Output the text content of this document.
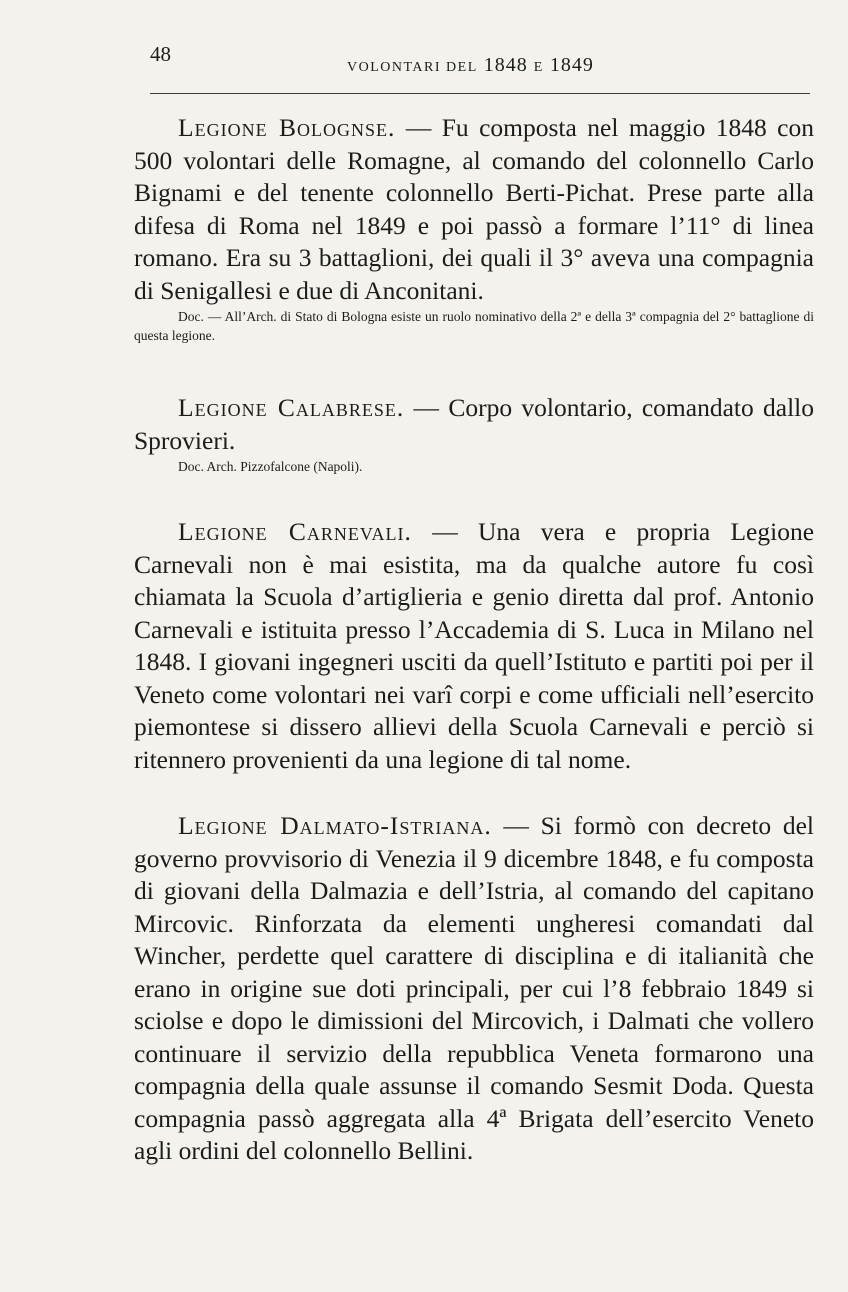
48
VOLONTARI DEL 1848 E 1849

Legione Bolognse. — Fu composta nel maggio 1848 con 500 volontari delle Romagne, al comando del colonnello Carlo Bignami e del tenente colonnello Berti-Pichat. Prese parte alla difesa di Roma nel 1849 e poi passò a formare l’11° di linea romano. Era su 3 battaglioni, dei quali il 3° aveva una compagnia di Senigallesi e due di Anconitani.

Doc. — All’Arch. di Stato di Bologna esiste un ruolo nominativo della 2ª e della 3ª compagnia del 2° battaglione di questa legione.

Legione Calabrese. — Corpo volontario, comandato dallo Sprovieri.

Doc. Arch. Pizzofalcone (Napoli).

Legione Carnevali. — Una vera e propria Legione Carnevali non è mai esistita, ma da qualche autore fu così chiamata la Scuola d’artiglieria e genio diretta dal prof. Antonio Carnevali e istituita presso l’Accademia di S. Luca in Milano nel 1848. I giovani ingegneri usciti da quell’Istituto e partiti poi per il Veneto come volontari nei varî corpi e come ufficiali nell’esercito piemontese si dissero allievi della Scuola Carnevali e perciò si ritennero provenienti da una legione di tal nome.

Legione Dalmato-Istriana. — Si formò con decreto del governo provvisorio di Venezia il 9 dicembre 1848, e fu composta di giovani della Dalmazia e dell’Istria, al comando del capitano Mircovic. Rinforzata da elementi ungheresi comandati dal Wincher, perdette quel carattere di disciplina e di italianità che erano in origine sue doti principali, per cui l’8 febbraio 1849 si sciolse e dopo le dimissioni del Mircovich, i Dalmati che vollero continuare il servizio della repubblica Veneta formarono una compagnia della quale assunse il comando Sesmit Doda. Questa compagnia passò aggregata alla 4ª Brigata dell’esercito Veneto agli ordini del colonnello Bellini.
